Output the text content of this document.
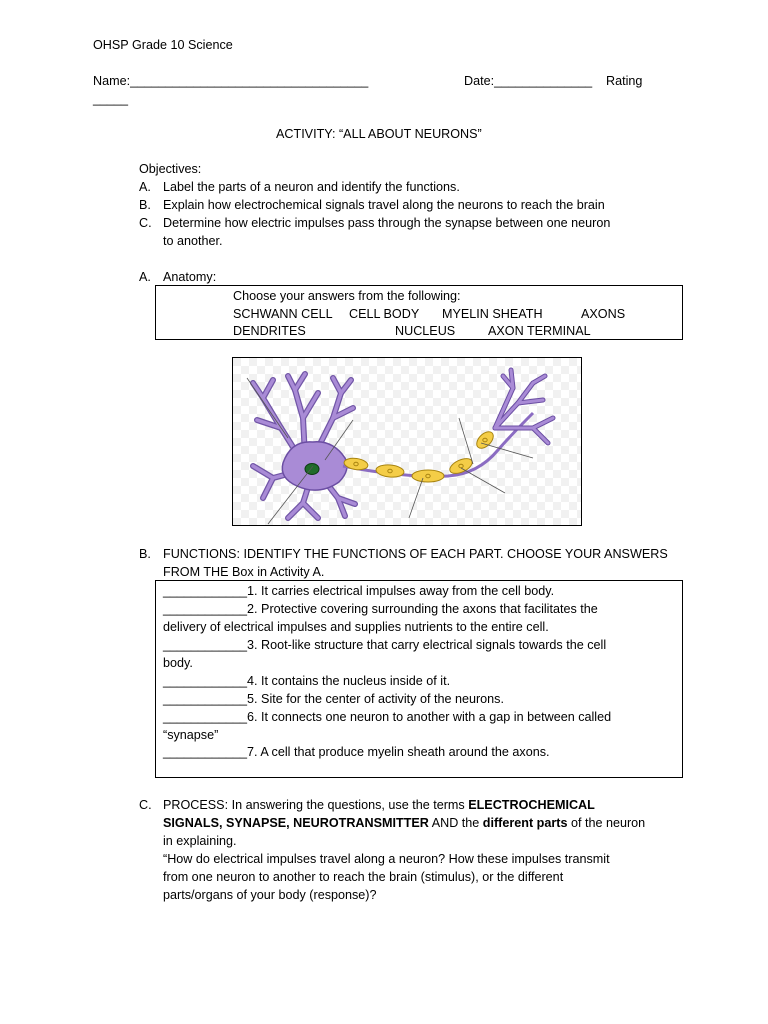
OHSP Grade 10 Science
Name:__________________________________	Date:______________ Rating
_____
ACTIVITY: “ALL ABOUT NEURONS”
Objectives:
A. Label the parts of a neuron and identify the functions.
B. Explain how electrochemical signals travel along the neurons to reach the brain
C. Determine how electric impulses pass through the synapse between one neuron
to another.
A. Anatomy:
Choose your answers from the following:
SCHWANN CELL CELL BODY MYELIN SHEATH	AXONS
DENDRITES	NUCLEUS	AXON TERMINAL
B. FUNCTIONS: IDENTIFY THE FUNCTIONS OF EACH PART. CHOOSE YOUR ANSWERS
FROM THE Box in Activity A.
____________1. It carries electrical impulses away from the cell body.
____________2. Protective covering surrounding the axons that facilitates the
delivery of electrical impulses and supplies nutrients to the entire cell.
____________3. Root-like structure that carry electrical signals towards the cell
body.
____________4. It contains the nucleus inside of it.
____________5. Site for the center of activity of the neurons.
____________6. It connects one neuron to another with a gap in between called
“synapse”
____________7. A cell that produce myelin sheath around the axons.
C. PROCESS: In answering the questions, use the terms ELECTROCHEMICAL
SIGNALS, SYNAPSE, NEUROTRANSMITTER AND the different parts of the neuron
in explaining.
“How do electrical impulses travel along a neuron? How these impulses transmit
from one neuron to another to reach the brain (stimulus), or the different
parts/organs of your body (response)?
